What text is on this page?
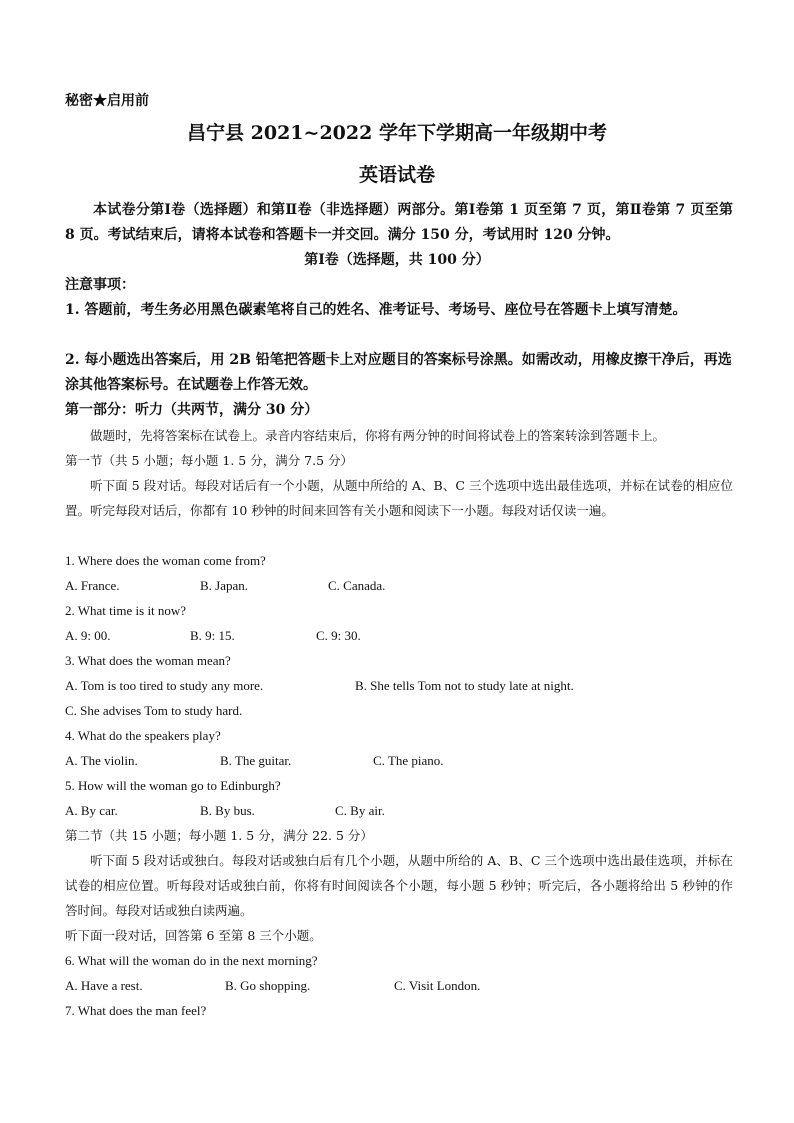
秘密★启用前
昌宁县 2021~2022 学年下学期高一年级期中考
英语试卷
本试卷分第Ⅰ卷（选择题）和第Ⅱ卷（非选择题）两部分。第Ⅰ卷第 1 页至第 7 页，第Ⅱ卷第 7 页至第 8 页。考试结束后，请将本试卷和答题卡一并交回。满分 150 分，考试用时 120 分钟。
第Ⅰ卷（选择题，共 100 分）
注意事项：
1. 答题前，考生务必用黑色碳素笔将自己的姓名、准考证号、考场号、座位号在答题卡上填写清楚。
2. 每小题选出答案后，用 2B 铅笔把答题卡上对应题目的答案标号涂黑。如需改动，用橡皮擦干净后，再选涂其他答案标号。在试题卷上作答无效。
第一部分：听力（共两节，满分 30 分）
做题时，先将答案标在试卷上。录音内容结束后，你将有两分钟的时间将试卷上的答案转涂到答题卡上。
第一节（共 5 小题；每小题 1. 5 分，满分 7.5 分）
听下面 5 段对话。每段对话后有一个小题，从题中所给的 A、B、C 三个选项中选出最佳选项，并标在试卷的相应位置。听完每段对话后，你都有 10 秒钟的时间来回答有关小题和阅读下一小题。每段对话仅读一遍。
1. Where does the woman come from?
A. France.	B. Japan.	C. Canada.
2. What time is it now?
A. 9: 00.	B. 9: 15.	C. 9: 30.
3. What does the woman mean?
A. Tom is too tired to study any more.	B. She tells Tom not to study late at night.
C. She advises Tom to study hard.
4. What do the speakers play?
A. The violin.	B. The guitar.	C. The piano.
5. How will the woman go to Edinburgh?
A. By car.	B. By bus.	C. By air.
第二节（共 15 小题；每小题 1. 5 分，满分 22. 5 分）
听下面 5 段对话或独白。每段对话或独白后有几个小题，从题中所给的 A、B、C 三个选项中选出最佳选项，并标在试卷的相应位置。听每段对话或独白前，你将有时间阅读各个小题，每小题 5 秒钟；听完后，各小题将给出 5 秒钟的作答时间。每段对话或独白读两遍。
听下面一段对话，回答第 6 至第 8 三个小题。
6. What will the woman do in the next morning?
A. Have a rest.	B. Go shopping.	C. Visit London.
7. What does the man feel?
